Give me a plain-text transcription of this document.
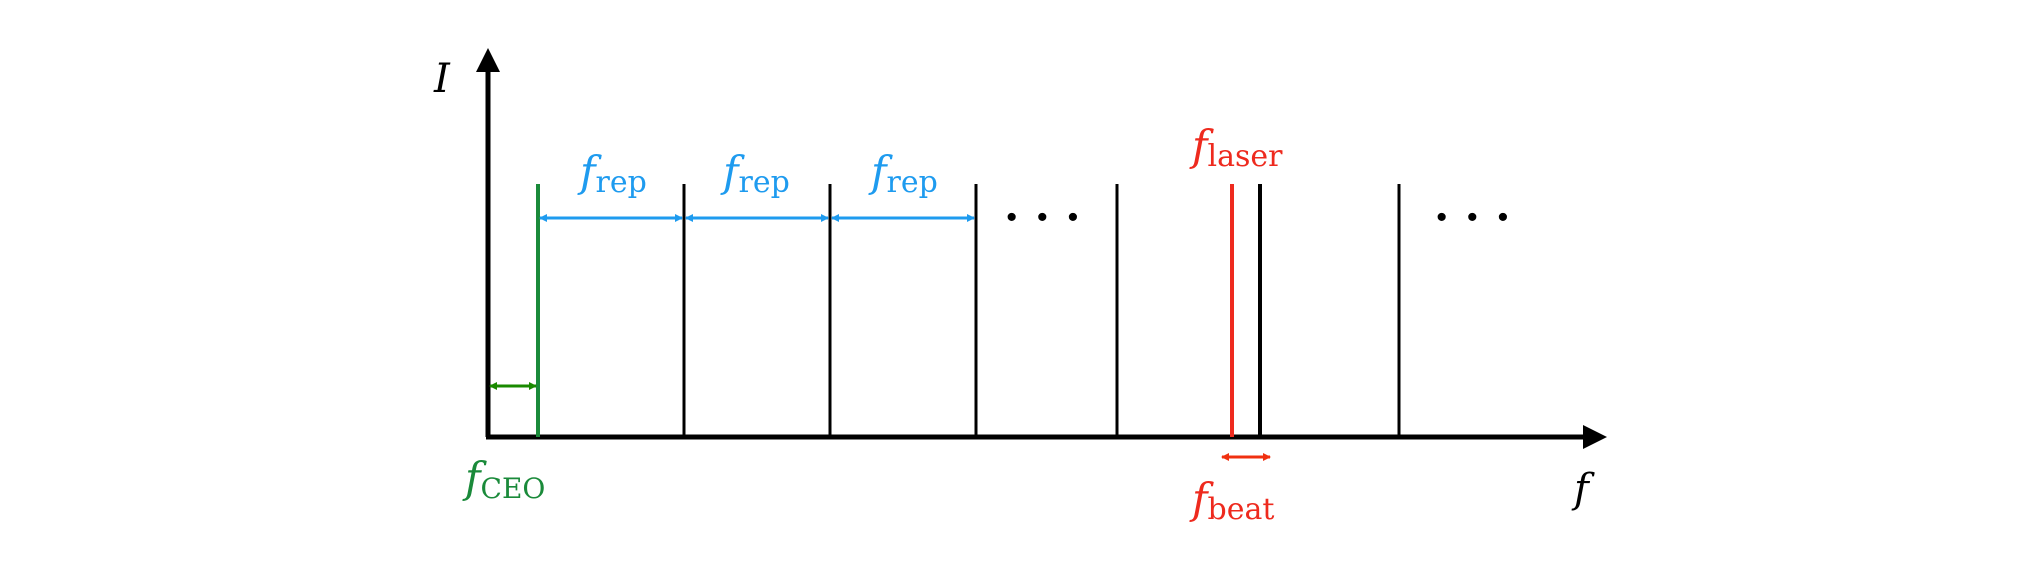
I
f
frep frep frep
· · ·	· · ·
flaser
fCEO	fbeat
